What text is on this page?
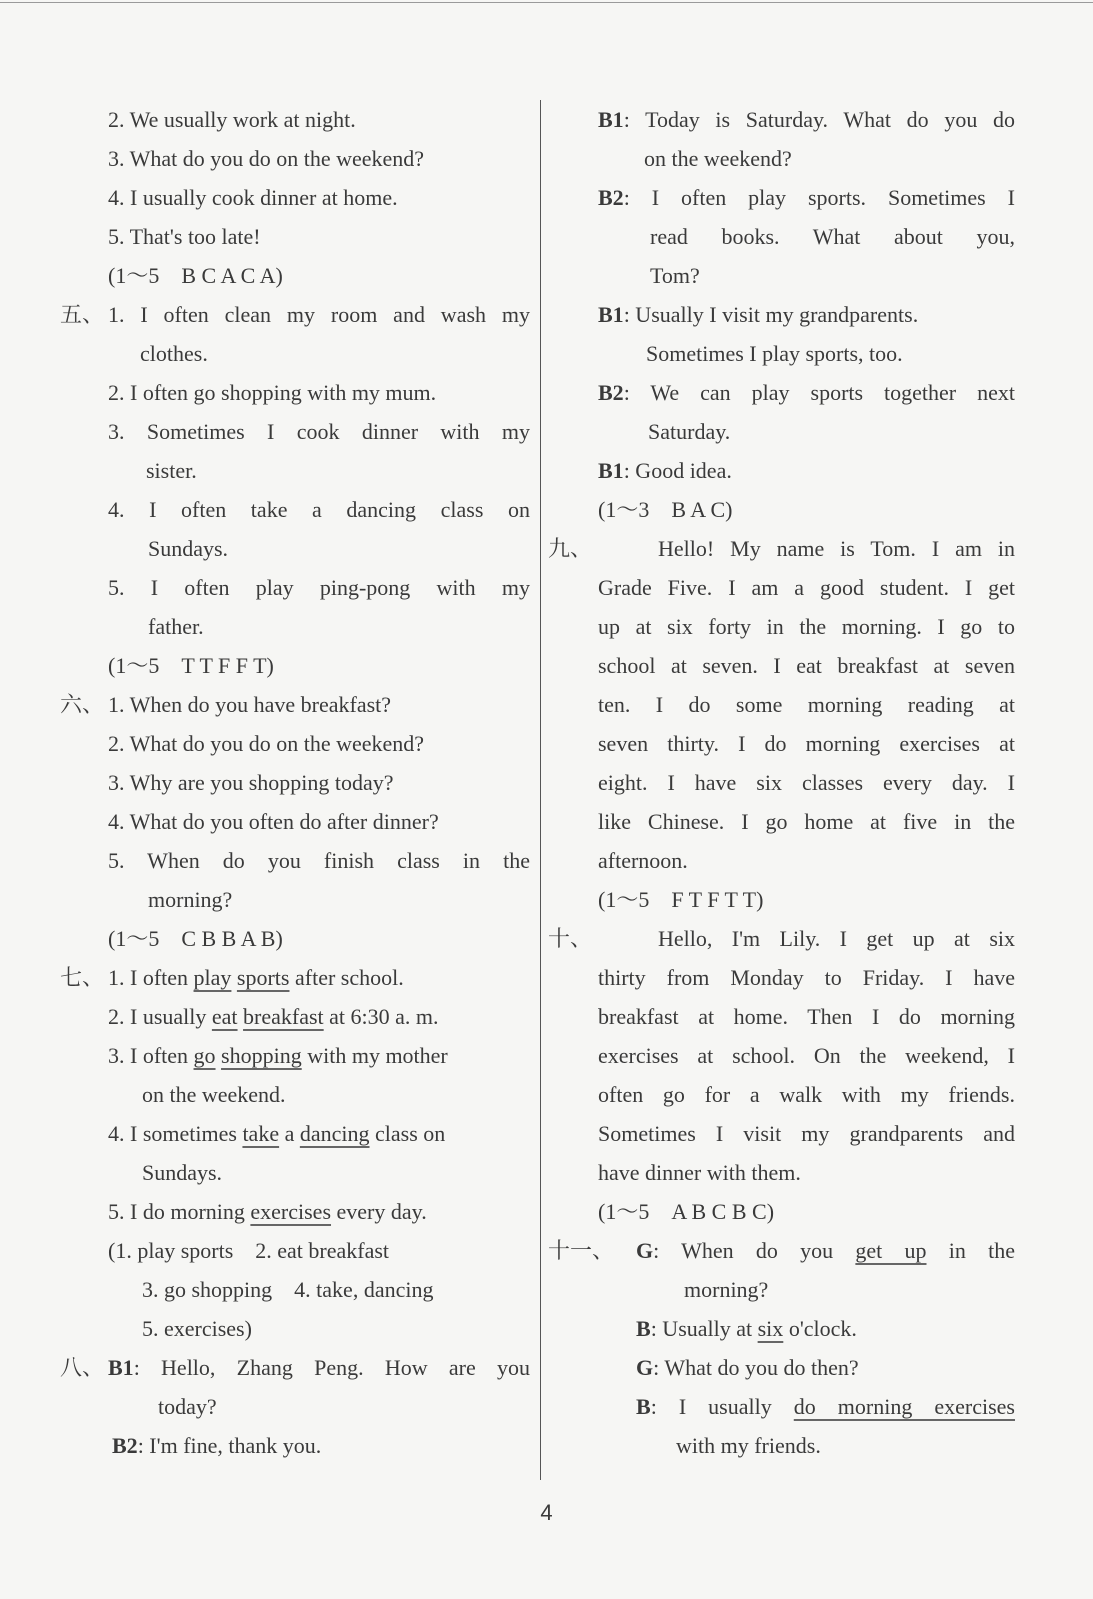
2. We usually work at night.
3. What do you do on the weekend?
4. I usually cook dinner at home.
5. That's too late!
(1～5　B C A C A)
五、 1. I often clean my room and wash my
clothes.
2. I often go shopping with my mum.
3. Sometimes I cook dinner with my
sister.
4. I often take a dancing class on
Sundays.
5. I often play ping-pong with my
father.
(1～5　T T F F T)
六、 1. When do you have breakfast?
2. What do you do on the weekend?
3. Why are you shopping today?
4. What do you often do after dinner?
5. When do you finish class in the
morning?
(1～5　C B B A B)
七、 1. I often play sports after school.
2. I usually eat breakfast at 6:30 a. m.
3. I often go shopping with my mother
on the weekend.
4. I sometimes take a dancing class on
Sundays.
5. I do morning exercises every day.
(1. play sports　2. eat breakfast
3. go shopping　4. take, dancing
5. exercises)
八、 B1: Hello, Zhang Peng. How are you
today?
B2: I'm fine, thank you.
B1: Today is Saturday. What do you do
on the weekend?
B2: I often play sports. Sometimes I
read books. What about you,
Tom?
B1: Usually I visit my grandparents.
Sometimes I play sports, too.
B2: We can play sports together next
Saturday.
B1: Good idea.
(1～3　B A C)
九、	Hello! My name is Tom. I am in
Grade Five. I am a good student. I get
up at six forty in the morning. I go to
school at seven. I eat breakfast at seven
ten. I do some morning reading at
seven thirty. I do morning exercises at
eight. I have six classes every day. I
like Chinese. I go home at five in the
afternoon.
(1～5　F T F T T)
十、	Hello, I'm Lily. I get up at six
thirty from Monday to Friday. I have
breakfast at home. Then I do morning
exercises at school. On the weekend, I
often go for a walk with my friends.
Sometimes I visit my grandparents and
have dinner with them.
(1～5　A B C B C)
十一、 G: When do you get up in the
morning?
B: Usually at six o'clock.
G: What do you do then?
B: I usually do morning exercises
with my friends.
4
